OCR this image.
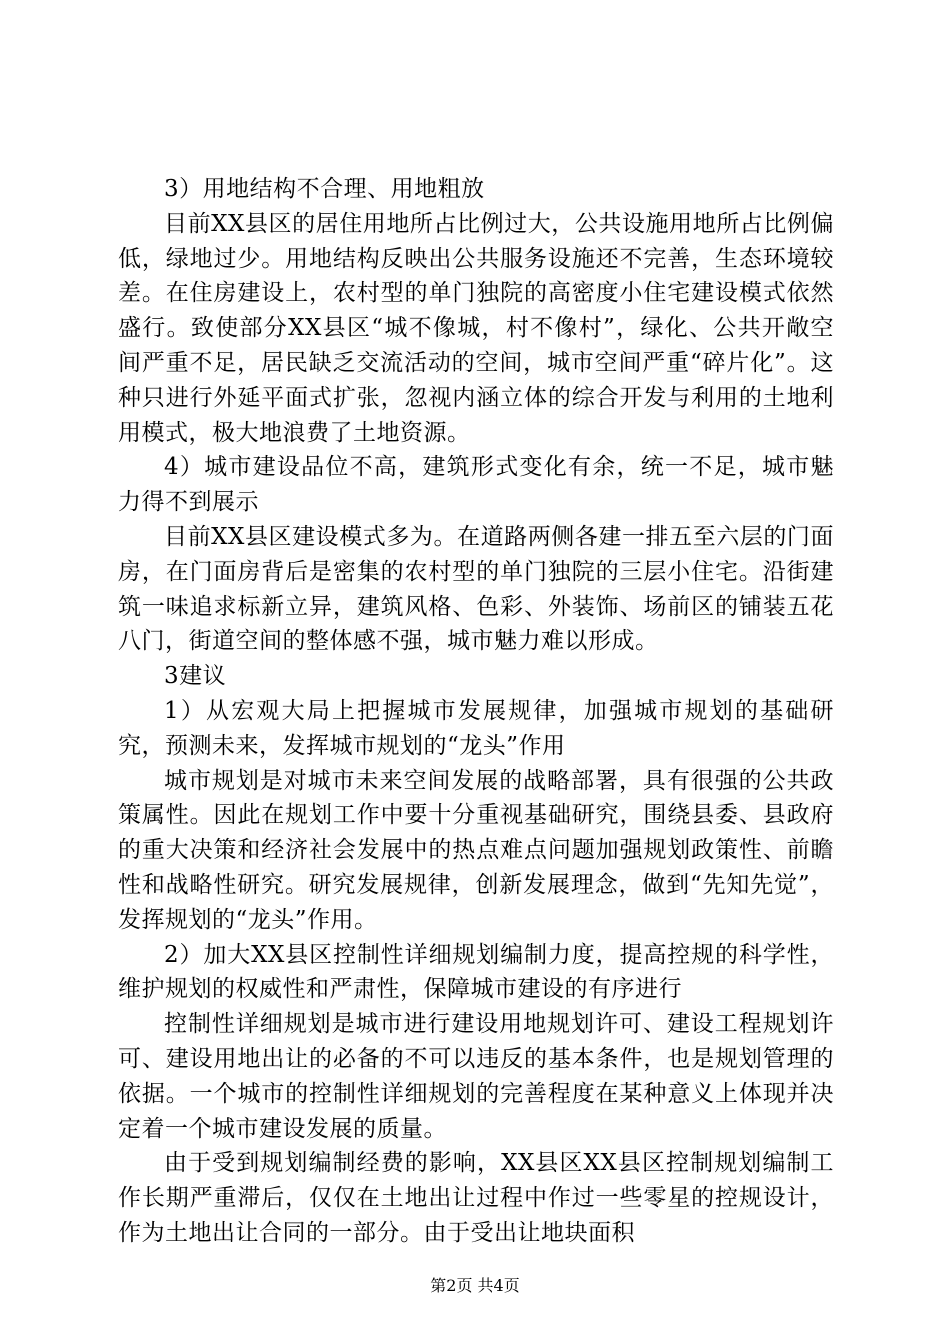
3）用地结构不合理、用地粗放

目前XX县区的居住用地所占比例过大，公共设施用地所占比例偏低，绿地过少。用地结构反映出公共服务设施还不完善，生态环境较差。在住房建设上，农村型的单门独院的高密度小住宅建设模式依然盛行。致使部分XX县区“城不像城，村不像村”，绿化、公共开敞空间严重不足，居民缺乏交流活动的空间，城市空间严重“碎片化”。这种只进行外延平面式扩张，忽视内涵立体的综合开发与利用的土地利用模式，极大地浪费了土地资源。

4）城市建设品位不高，建筑形式变化有余，统一不足，城市魅力得不到展示

目前XX县区建设模式多为。在道路两侧各建一排五至六层的门面房，在门面房背后是密集的农村型的单门独院的三层小住宅。沿街建筑一味追求标新立异，建筑风格、色彩、外装饰、场前区的铺装五花八门，街道空间的整体感不强，城市魅力难以形成。

3建议

1）从宏观大局上把握城市发展规律，加强城市规划的基础研究，预测未来，发挥城市规划的“龙头”作用

城市规划是对城市未来空间发展的战略部署，具有很强的公共政策属性。因此在规划工作中要十分重视基础研究，围绕县委、县政府的重大决策和经济社会发展中的热点难点问题加强规划政策性、前瞻性和战略性研究。研究发展规律，创新发展理念，做到“先知先觉”，发挥规划的“龙头”作用。

2）加大XX县区控制性详细规划编制力度，提高控规的科学性，维护规划的权威性和严肃性，保障城市建设的有序进行

控制性详细规划是城市进行建设用地规划许可、建设工程规划许可、建设用地出让的必备的不可以违反的基本条件，也是规划管理的依据。一个城市的控制性详细规划的完善程度在某种意义上体现并决定着一个城市建设发展的质量。

由于受到规划编制经费的影响，XX县区XX县区控制规划编制工作长期严重滞后，仅仅在土地出让过程中作过一些零星的控规设计，作为土地出让合同的一部分。由于受出让地块面积

第2页 共4页
